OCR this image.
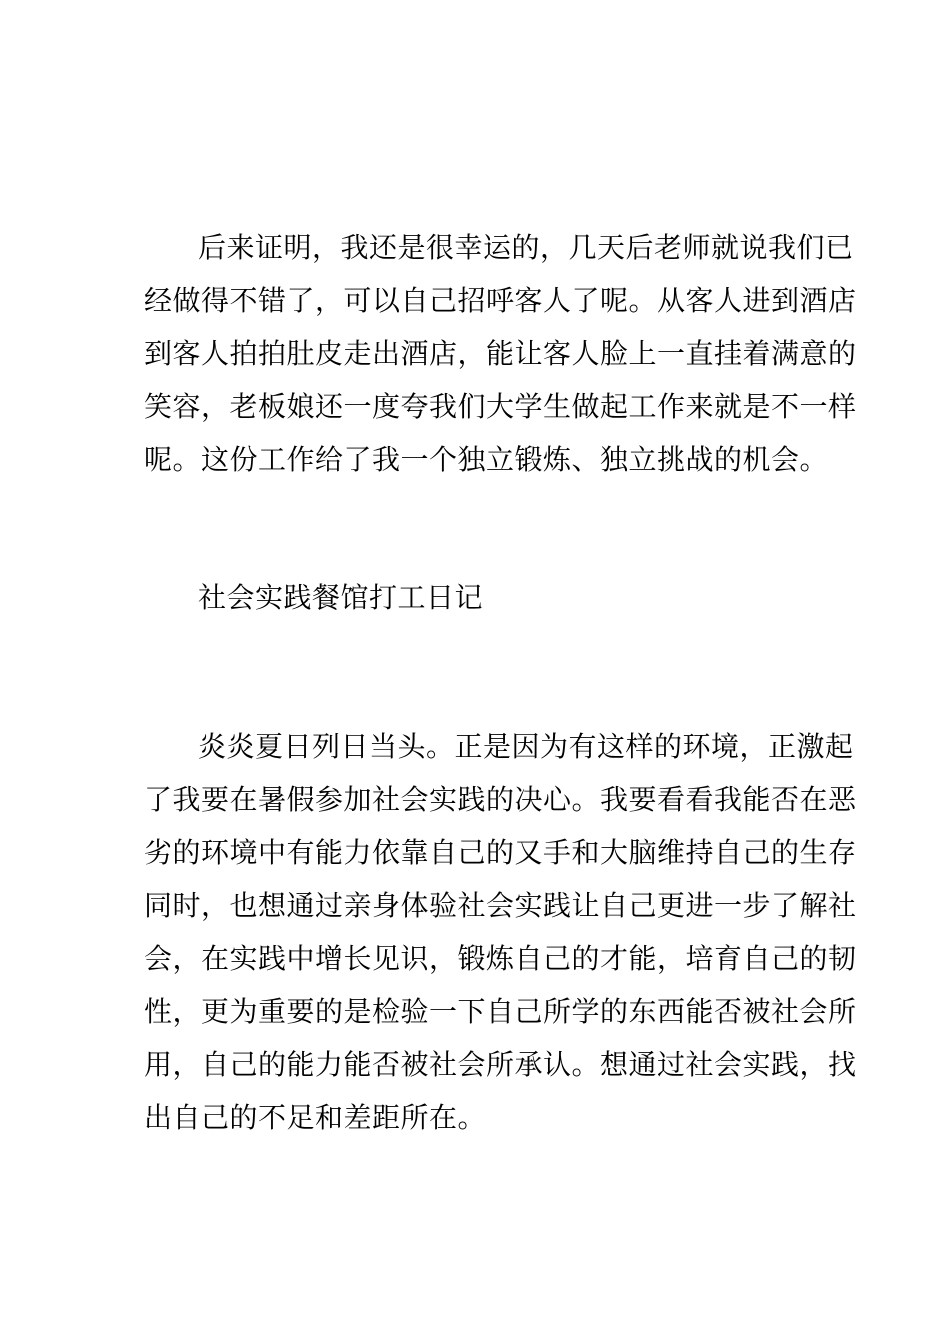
后来证明，我还是很幸运的，几天后老师就说我们已
经做得不错了，可以自己招呼客人了呢。从客人进到酒店
到客人拍拍肚皮走出酒店，能让客人脸上一直挂着满意的
笑容，老板娘还一度夸我们大学生做起工作来就是不一样
呢。这份工作给了我一个独立锻炼、独立挑战的机会。
社会实践餐馆打工日记
炎炎夏日列日当头。正是因为有这样的环境，正激起
了我要在暑假参加社会实践的决心。我要看看我能否在恶
劣的环境中有能力依靠自己的又手和大脑维持自己的生存
同时，也想通过亲身体验社会实践让自己更进一步了解社
会，在实践中增长见识，锻炼自己的才能，培育自己的韧
性，更为重要的是检验一下自己所学的东西能否被社会所
用，自己的能力能否被社会所承认。想通过社会实践，找
出自己的不足和差距所在。
